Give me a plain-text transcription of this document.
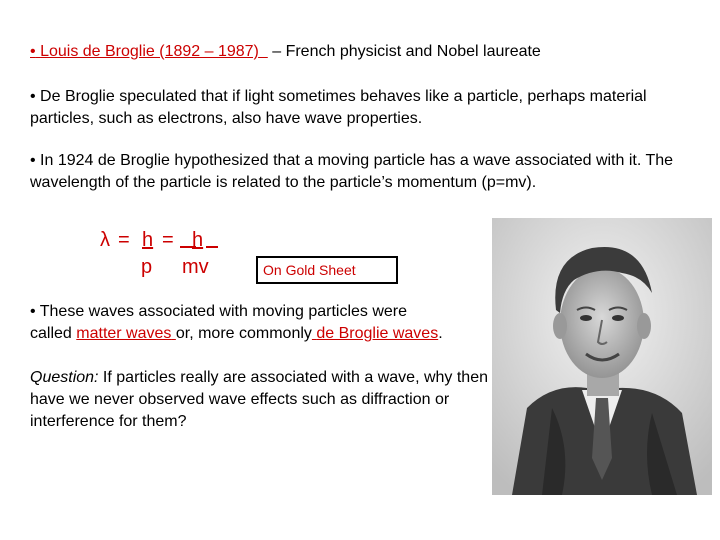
• Louis de Broglie (1892 – 1987) – French physicist and Nobel laureate

• De Broglie speculated that if light sometimes behaves like a particle, perhaps material particles, such as electrons, also have wave properties.

• In 1924 de Broglie hypothesized that a moving particle has a wave associated with it. The wavelength of the particle is related to the particle’s momentum (p=mv).

λ = h = h
p mv	On Gold Sheet

• These waves associated with moving particles were
called matter waves or, more commonly de Broglie waves.

Question: If particles really are associated with a wave, why then have we never observed wave effects such as diffraction or interference for them?
